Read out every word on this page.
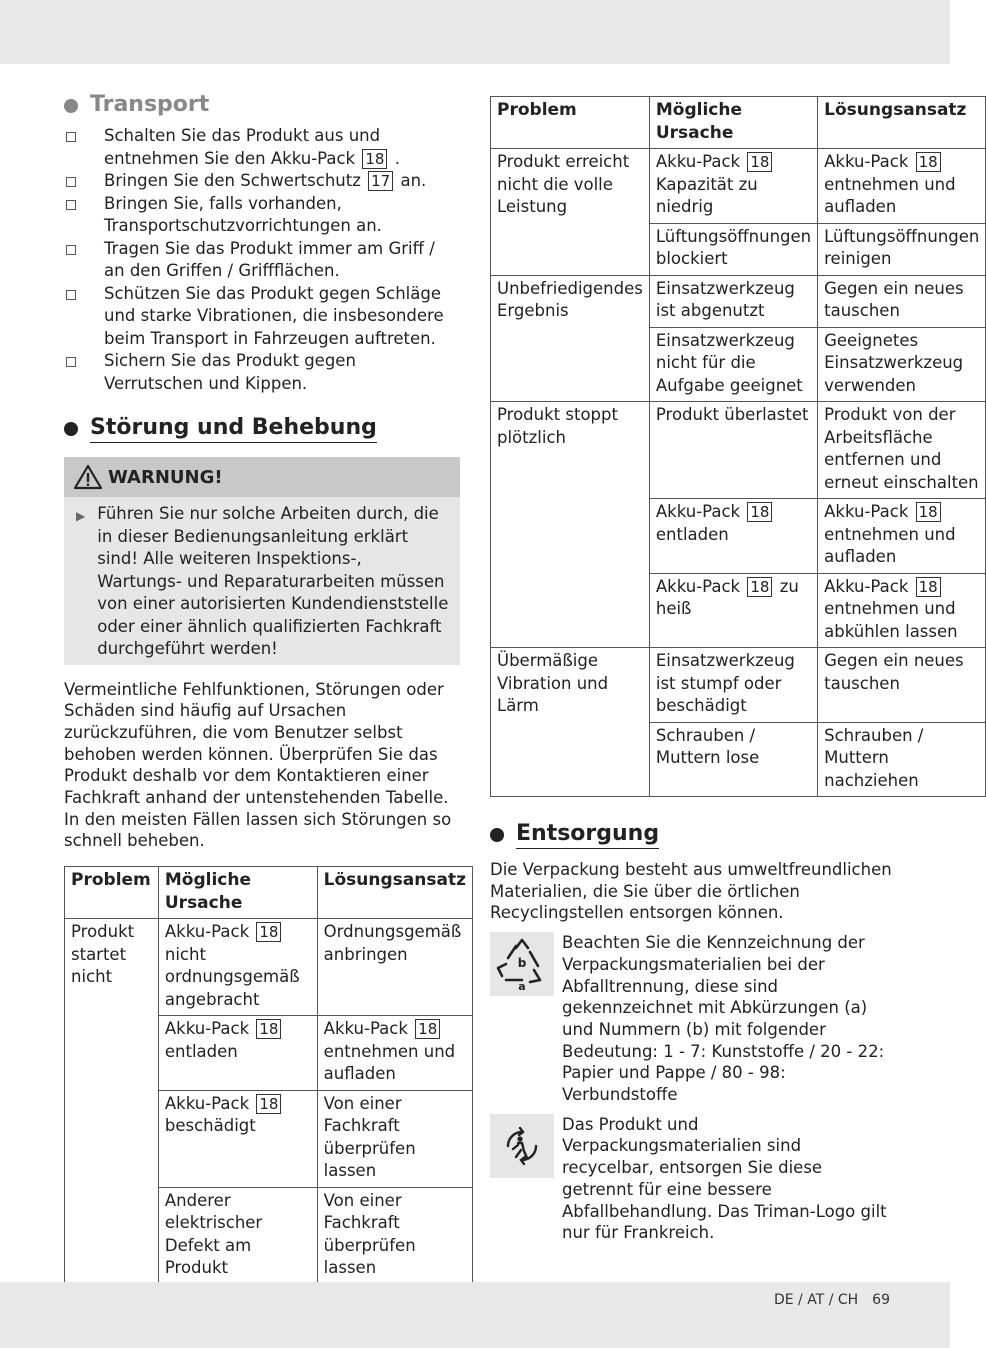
Transport
Schalten Sie das Produkt aus und entnehmen Sie den Akku-Pack 18 .
Bringen Sie den Schwertschutz 17 an.
Bringen Sie, falls vorhanden, Transportschutzvorrichtungen an.
Tragen Sie das Produkt immer am Griff / an den Griffen / Griffflächen.
Schützen Sie das Produkt gegen Schläge und starke Vibrationen, die insbesondere beim Transport in Fahrzeugen auftreten.
Sichern Sie das Produkt gegen Verrutschen und Kippen.
Störung und Behebung
WARNUNG!
▶ Führen Sie nur solche Arbeiten durch, die in dieser Bedienungsanleitung erklärt sind! Alle weiteren Inspektions-, Wartungs- und Reparaturarbeiten müssen von einer autorisierten Kundendienststelle oder einer ähnlich qualifizierten Fachkraft durchgeführt werden!

Vermeintliche Fehlfunktionen, Störungen oder Schäden sind häufig auf Ursachen zurückzuführen, die vom Benutzer selbst behoben werden können. Überprüfen Sie das Produkt deshalb vor dem Kontaktieren einer Fachkraft anhand der untenstehenden Tabelle. In den meisten Fällen lassen sich Störungen so schnell beheben.

Problem	Mögliche Ursache	Lösungsansatz
Produkt startet nicht	Akku-Pack 18 nicht ordnungsgemäß angebracht	Ordnungsgemäß anbringen
	Akku-Pack 18 entladen	Akku-Pack 18 entnehmen und aufladen
	Akku-Pack 18 beschädigt	Von einer Fachkraft überprüfen lassen
	Anderer elektrischer Defekt am Produkt	Von einer Fachkraft überprüfen lassen
Problem	Mögliche Ursache	Lösungsansatz
Produkt erreicht nicht die volle Leistung	Akku-Pack 18 Kapazität zu niedrig	Akku-Pack 18 entnehmen und aufladen
	Lüftungsöffnungen blockiert	Lüftungsöffnungen reinigen
Unbefriedigendes Ergebnis	Einsatzwerkzeug ist abgenutzt	Gegen ein neues tauschen
	Einsatzwerkzeug nicht für die Aufgabe geeignet	Geeignetes Einsatzwerkzeug verwenden
Produkt stoppt plötzlich	Produkt überlastet	Produkt von der Arbeitsfläche entfernen und erneut einschalten
	Akku-Pack 18 entladen	Akku-Pack 18 entnehmen und aufladen
	Akku-Pack 18 zu heiß	Akku-Pack 18 entnehmen und abkühlen lassen
Übermäßige Vibration und Lärm	Einsatzwerkzeug ist stumpf oder beschädigt	Gegen ein neues tauschen
	Schrauben / Muttern lose	Schrauben / Muttern nachziehen
Entsorgung

Die Verpackung besteht aus umweltfreundlichen Materialien, die Sie über die örtlichen Recyclingstellen entsorgen können.

b
a

Beachten Sie die Kennzeichnung der Verpackungsmaterialien bei der Abfalltrennung, diese sind gekennzeichnet mit Abkürzungen (a) und Nummern (b) mit folgender Bedeutung: 1 - 7: Kunststoffe / 20 - 22: Papier und Pappe / 80 - 98: Verbundstoffe

Das Produkt und Verpackungsmaterialien sind recycelbar, entsorgen Sie diese getrennt für eine bessere Abfallbehandlung. Das Triman-Logo gilt nur für Frankreich.

DE / AT / CH 69
